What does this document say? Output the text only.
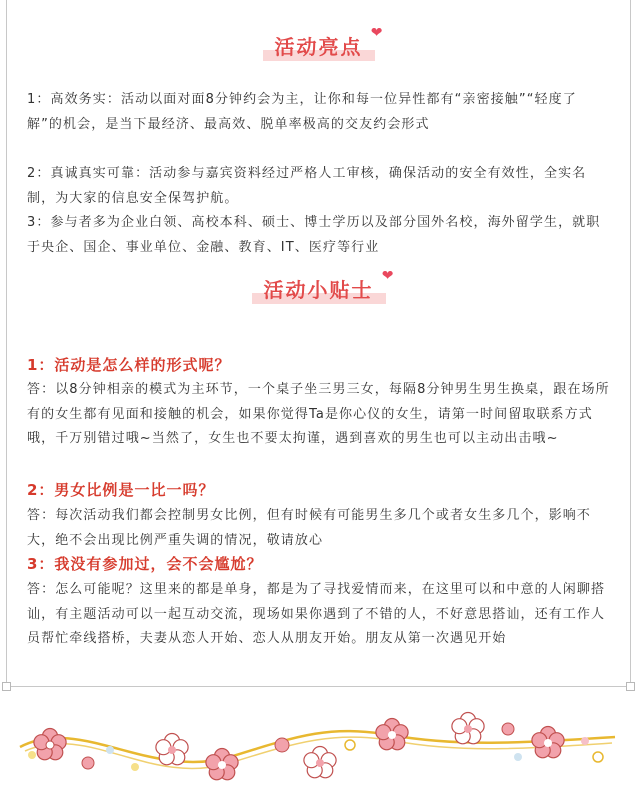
活动亮点
❤
1：高效务实：活动以面对面8分钟约会为主，让你和每一位异性都有“亲密接触”“轻度了解”的机会，是当下最经济、最高效、脱单率极高的交友约会形式
2：真诚真实可靠：活动参与嘉宾资料经过严格人工审核，确保活动的安全有效性，全实名制，为大家的信息安全保驾护航。
3：参与者多为企业白领、高校本科、硕士、博士学历以及部分国外名校，海外留学生，就职于央企、国企、事业单位、金融、教育、IT、医疗等行业
活动小贴士
❤
1：活动是怎么样的形式呢？
答：以8分钟相亲的模式为主环节，一个桌子坐三男三女，每隔8分钟男生男生换桌，跟在场所有的女生都有见面和接触的机会，如果你觉得Ta是你心仪的女生，请第一时间留取联系方式哦，千万别错过哦~当然了，女生也不要太拘谨，遇到喜欢的男生也可以主动出击哦~
2：男女比例是一比一吗？
答：每次活动我们都会控制男女比例，但有时候有可能男生多几个或者女生多几个，影响不大，绝不会出现比例严重失调的情况，敬请放心
3：我没有参加过，会不会尴尬？
答：怎么可能呢？这里来的都是单身，都是为了寻找爱情而来，在这里可以和中意的人闲聊搭讪，有主题活动可以一起互动交流，现场如果你遇到了不错的人，不好意思搭讪，还有工作人员帮忙牵线搭桥，夫妻从恋人开始、恋人从朋友开始。朋友从第一次遇见开始
